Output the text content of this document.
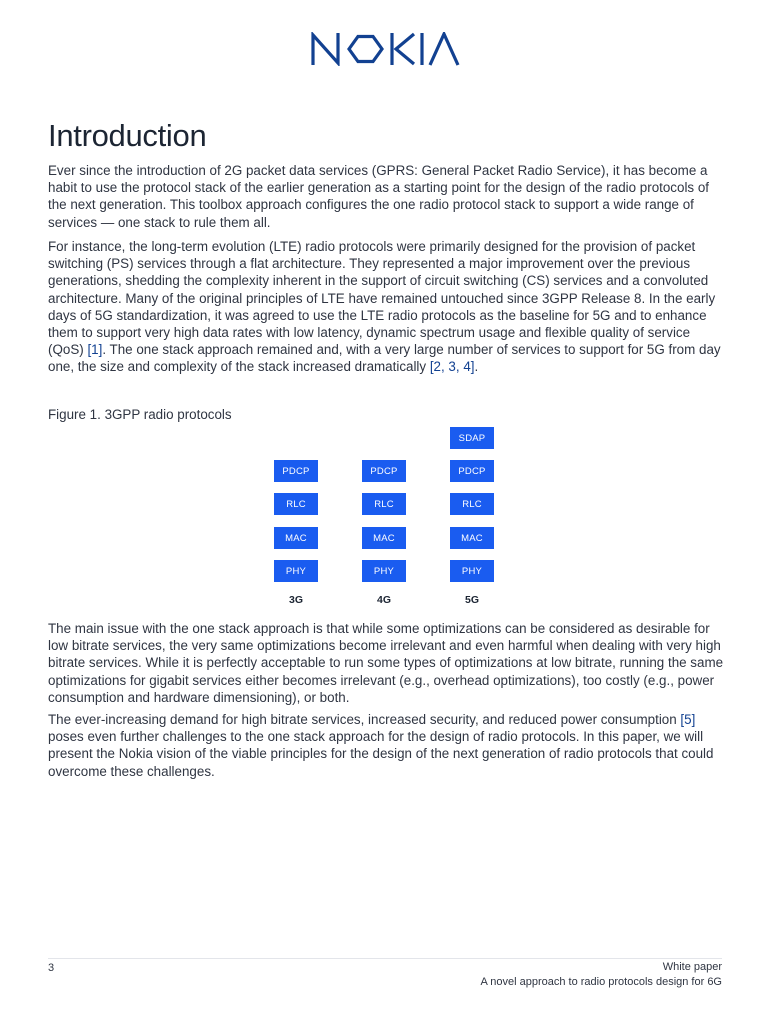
Introduction

Ever since the introduction of 2G packet data services (GPRS: General Packet Radio Service), it has become a habit to use the protocol stack of the earlier generation as a starting point for the design of the radio protocols of the next generation. This toolbox approach configures the one radio protocol stack to support a wide range of services — one stack to rule them all.

For instance, the long-term evolution (LTE) radio protocols were primarily designed for the provision of packet switching (PS) services through a flat architecture. They represented a major improvement over the previous generations, shedding the complexity inherent in the support of circuit switching (CS) services and a convoluted architecture. Many of the original principles of LTE have remained untouched since 3GPP Release 8. In the early days of 5G standardization, it was agreed to use the LTE radio protocols as the baseline for 5G and to enhance them to support very high data rates with low latency, dynamic spectrum usage and flexible quality of service (QoS) [1]. The one stack approach remained and, with a very large number of services to support for 5G from day one, the size and complexity of the stack increased dramatically [2, 3, 4].

Figure 1. 3GPP radio protocols

PDCP
RLC
MAC
PHY
3G
PDCP
RLC
MAC
PHY
4G
SDAP
PDCP
RLC
MAC
PHY
5G

The main issue with the one stack approach is that while some optimizations can be considered as desirable for low bitrate services, the very same optimizations become irrelevant and even harmful when dealing with very high bitrate services. While it is perfectly acceptable to run some types of optimizations at low bitrate, running the same optimizations for gigabit services either becomes irrelevant (e.g., overhead optimizations), too costly (e.g., power consumption and hardware dimensioning), or both.

The ever-increasing demand for high bitrate services, increased security, and reduced power consumption [5] poses even further challenges to the one stack approach for the design of radio protocols. In this paper, we will present the Nokia vision of the viable principles for the design of the next generation of radio protocols that could overcome these challenges.

3	White paper
A novel approach to radio protocols design for 6G
